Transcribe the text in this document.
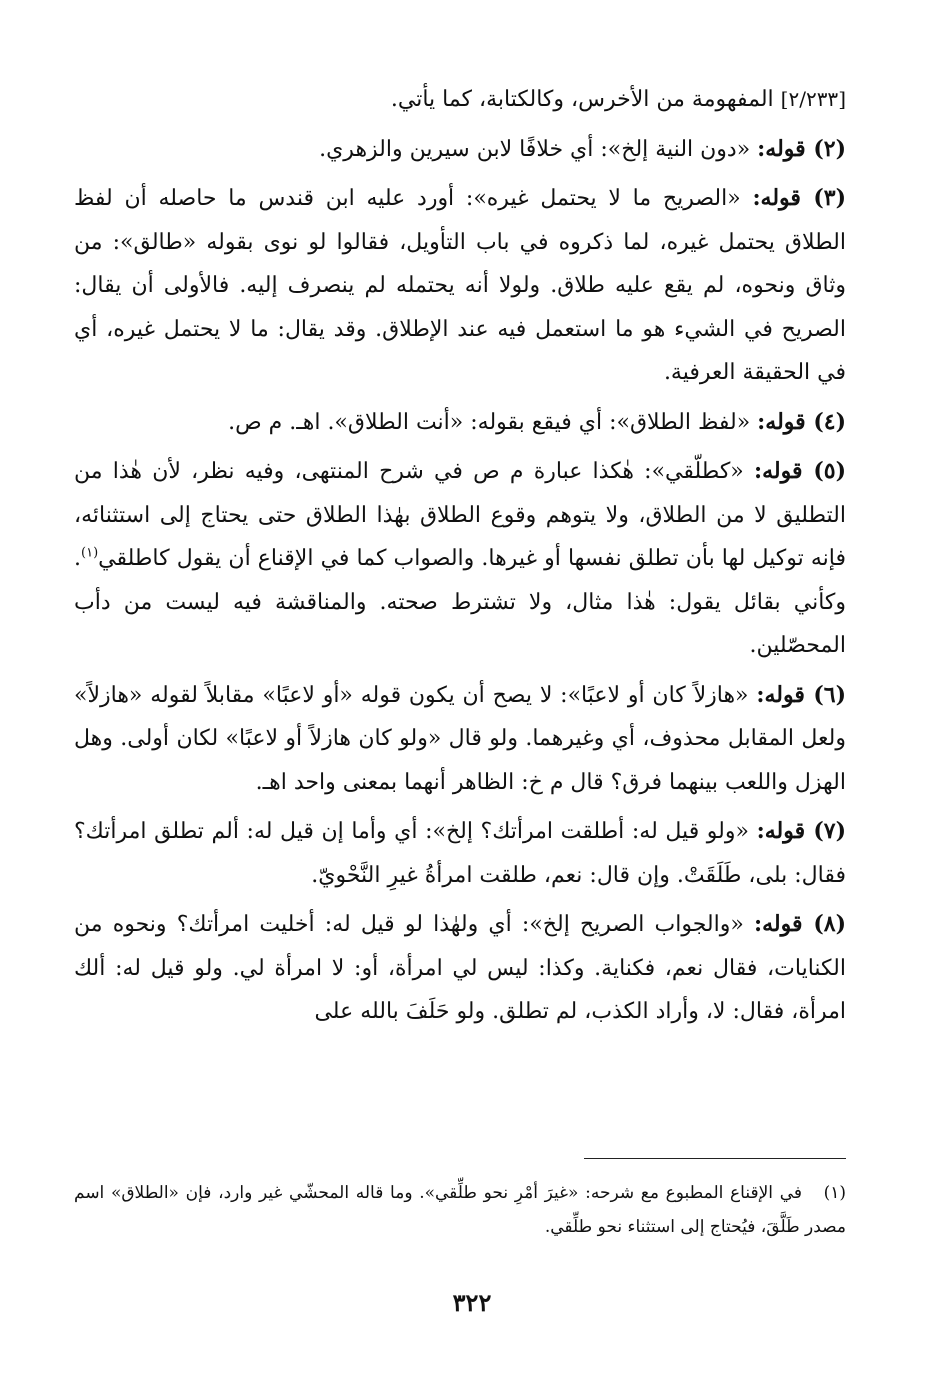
[٢/٢٣٣] المفهومة من الأخرس، وكالكتابة، كما يأتي.

(٢) قوله: «دون النية إلخ»: أي خلافًا لابن سيرين والزهري.

(٣) قوله: «الصريح ما لا يحتمل غيره»: أورد عليه ابن قندس ما حاصله أن لفظ الطلاق يحتمل غيره، لما ذكروه في باب التأويل، فقالوا لو نوى بقوله «طالق»: من وثاق ونحوه، لم يقع عليه طلاق. ولولا أنه يحتمله لم ينصرف إليه. فالأولى أن يقال: الصريح في الشيء هو ما استعمل فيه عند الإطلاق. وقد يقال: ما لا يحتمل غيره، أي في الحقيقة العرفية.

(٤) قوله: «لفظ الطلاق»: أي فيقع بقوله: «أنت الطلاق». اهـ. م ص.

(٥) قوله: «كطلّقي»: هٰكذا عبارة م ص في شرح المنتهى، وفيه نظر، لأن هٰذا من التطليق لا من الطلاق، ولا يتوهم وقوع الطلاق بهٰذا الطلاق حتى يحتاج إلى استثنائه، فإنه توكيل لها بأن تطلق نفسها أو غيرها. والصواب كما في الإقناع أن يقول كاطلقي$^{(١)}$. وكأني بقائل يقول: هٰذا مثال، ولا تشترط صحته. والمناقشة فيه ليست من دأب المحصّلين.

(٦) قوله: «هازلاً كان أو لاعبًا»: لا يصح أن يكون قوله «أو لاعبًا» مقابلاً لقوله «هازلاً» ولعل المقابل محذوف، أي وغيرهما. ولو قال «ولو كان هازلاً أو لاعبًا» لكان أولى. وهل الهزل واللعب بينهما فرق؟ قال م خ: الظاهر أنهما بمعنى واحد اهـ.

(٧) قوله: «ولو قيل له: أطلقت امرأتك؟ إلخ»: أي وأما إن قيل له: ألم تطلق امرأتك؟ فقال: بلى، طَلَقَتْ. وإن قال: نعم، طلقت امرأةُ غيرِ النَّحْويّ.

(٨) قوله: «والجواب الصريح إلخ»: أي ولهٰذا لو قيل له: أخليت امرأتك؟ ونحوه من الكنايات، فقال نعم، فكناية. وكذا: ليس لي امرأة، أو: لا امرأة لي. ولو قيل له: ألك امرأة، فقال: لا، وأراد الكذب، لم تطلق. ولو حَلَفَ بالله على

(١)في الإقناع المطبوع مع شرحه: «غيرَ أمْرِ نحو طلِّقي». وما قاله المحشّي غير وارد، فإن «الطلاق» اسم مصدر طَلَّقَ، فيُحتاج إلى استثناء نحو طلِّقي.
٣٢٢
